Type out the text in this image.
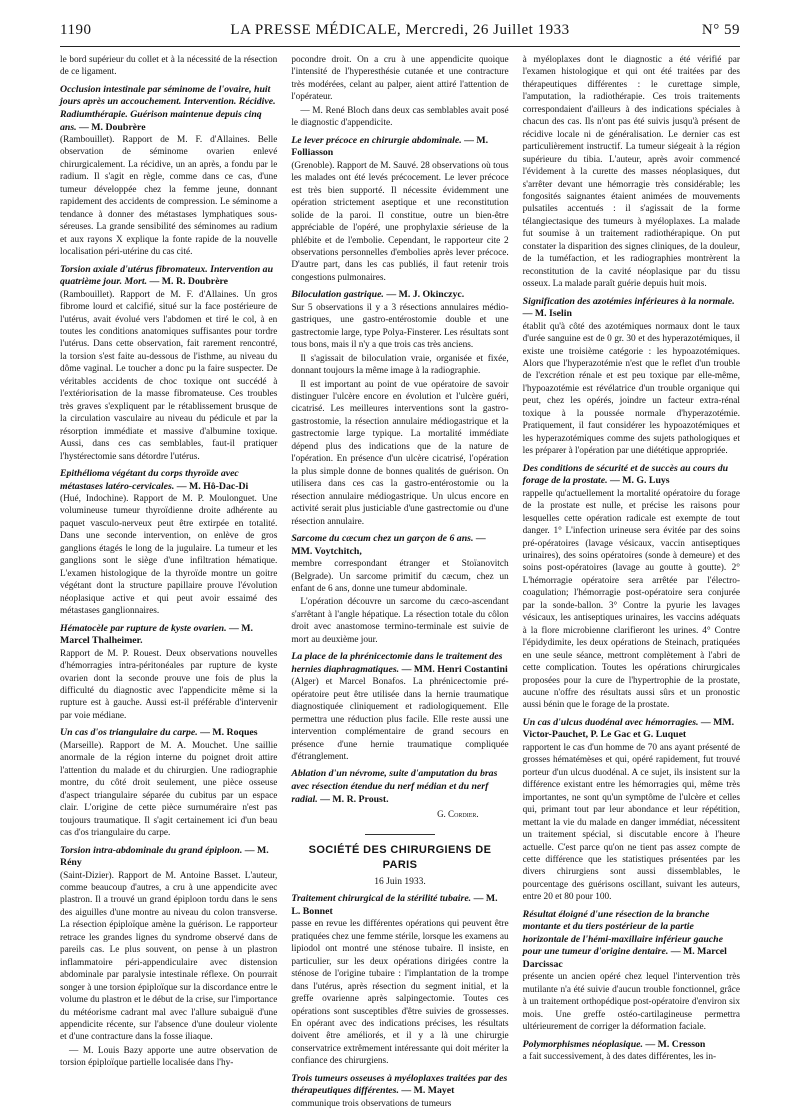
1190	LA PRESSE MÉDICALE, Mercredi, 26 Juillet 1933	N° 59

le bord supérieur du collet et à la nécessité de la résection de ce ligament.

Occlusion intestinale par séminome de l'ovaire, huit jours après un accouchement. Intervention. Récidive. Radiumthérapie. Guérison maintenue depuis cinq ans. — M. Doubrère

(Rambouillet). Rapport de M. F. d'Allaines. Belle observation de séminome ovarien enlevé chirurgicalement. La récidive, un an après, a fondu par le radium. Il s'agit en règle, comme dans ce cas, d'une tumeur développée chez la femme jeune, donnant rapidement des accidents de compression. Le séminome a tendance à donner des métastases lymphatiques sous-séreuses. La grande sensibilité des séminomes au radium et aux rayons X explique la fonte rapide de la nouvelle localisation péri-utérine du cas cité.

Torsion axiale d'utérus fibromateux. Intervention au quatrième jour. Mort. — M. R. Doubrère

(Rambouillet). Rapport de M. F. d'Allaines. Un gros fibrome lourd et calcifié, situé sur la face postérieure de l'utérus, avait évolué vers l'abdomen et tiré le col, à en toutes les conditions anatomiques suffisantes pour tordre l'utérus. Dans cette observation, fait rarement rencontré, la torsion s'est faite au-dessous de l'isthme, au niveau du dôme vaginal. Le toucher a donc pu la faire suspecter. De véritables accidents de choc toxique ont succédé à l'extériorisation de la masse fibromateuse. Ces troubles très graves s'expliquent par le rétablissement brusque de la circulation vasculaire au niveau du pédicule et par la résorption immédiate et massive d'albumine toxique. Aussi, dans ces cas semblables, faut-il pratiquer l'hystérectomie sans détordre l'utérus.

Epithélioma végétant du corps thyroïde avec métastases latéro-cervicales. — M. Hô-Dac-Di

(Hué, Indochine). Rapport de M. P. Moulonguet. Une volumineuse tumeur thyroïdienne droite adhérente au paquet vasculo-nerveux peut être extirpée en totalité. Dans une seconde intervention, on enlève de gros ganglions étagés le long de la jugulaire. La tumeur et les ganglions sont le siège d'une infiltration hématique. L'examen histologique de la thyroïde montre un goitre végétant dont la structure papillaire prouve l'évolution néoplasique active et qui peut avoir essaimé des métastases ganglionnaires.

Hématocèle par rupture de kyste ovarien. — M. Marcel Thalheimer.

Rapport de M. P. Rouest. Deux observations nouvelles d'hémorragies intra-péritonéales par rupture de kyste ovarien dont la seconde prouve une fois de plus la difficulté du diagnostic avec l'appendicite même si la rupture est à gauche. Aussi est-il préférable d'intervenir par voie médiane.

Un cas d'os triangulaire du carpe. — M. Roques

(Marseille). Rapport de M. A. Mouchet. Une saillie anormale de la région interne du poignet droit attire l'attention du malade et du chirurgien. Une radiographie montre, du côté droit seulement, une pièce osseuse d'aspect triangulaire séparée du cubitus par un espace clair. L'origine de cette pièce surnuméraire n'est pas toujours traumatique. Il s'agit certainement ici d'un beau cas d'os triangulaire du carpe.

Torsion intra-abdominale du grand épiploon. — M. Rény

(Saint-Dizier). Rapport de M. Antoine Basset. L'auteur, comme beaucoup d'autres, a cru à une appendicite avec plastron. Il a trouvé un grand épiploon tordu dans le sens des aiguilles d'une montre au niveau du colon transverse. La résection épiploïque amène la guérison. Le rapporteur retrace les grandes lignes du syndrome observé dans de pareils cas. Le plus souvent, on pense à un plastron inflammatoire péri-appendiculaire avec distension abdominale par paralysie intestinale réflexe. On pourrait songer à une torsion épiploïque sur la discordance entre le volume du plastron et le début de la crise, sur l'importance du météorisme cadrant mal avec l'allure subaiguë d'une appendicite récente, sur l'absence d'une douleur violente et d'une contracture dans la fosse iliaque.

— M. Louis Bazy apporte une autre observation de torsion épiploïque partielle localisée dans l'hy-

pocondre droit. On a cru à une appendicite quoique l'intensité de l'hyperesthésie cutanée et une contracture très modérées, celant au palper, aient attiré l'attention de l'opérateur.

— M. René Bloch dans deux cas semblables avait posé le diagnostic d'appendicite.

Le lever précoce en chirurgie abdominale. — M. Folliasson

(Grenoble). Rapport de M. Sauvé. 28 observations où tous les malades ont été levés précocement. Le lever précoce est très bien supporté. Il nécessite évidemment une opération strictement aseptique et une reconstitution solide de la paroi. Il constitue, outre un bien-être appréciable de l'opéré, une prophylaxie sérieuse de la phlébite et de l'embolie. Cependant, le rapporteur cite 2 observations personnelles d'embolies après lever précoce. D'autre part, dans les cas publiés, il faut retenir trois congestions pulmonaires.

Biloculation gastrique. — M. J. Okinczyc.

Sur 5 observations il y a 3 résections annulaires médio-gastriques, une gastro-entérostomie double et une gastrectomie large, type Polya-Finsterer. Les résultats sont tous bons, mais il n'y a que trois cas très anciens.

Il s'agissait de biloculation vraie, organisée et fixée, donnant toujours la même image à la radiographie.

Il est important au point de vue opératoire de savoir distinguer l'ulcère encore en évolution et l'ulcère guéri, cicatrisé. Les meilleures interventions sont la gastro-gastrostomie, la résection annulaire médiogastrique et la gastrectomie large typique. La mortalité immédiate dépend plus des indications que de la nature de l'opération. En présence d'un ulcère cicatrisé, l'opération la plus simple donne de bonnes qualités de guérison. On utilisera dans ces cas la gastro-entérostomie ou la résection annulaire médiogastrique. Un ulcus encore en activité serait plus justiciable d'une gastrectomie ou d'une résection annulaire.

Sarcome du cæcum chez un garçon de 6 ans. — MM. Voytchitch,

membre correspondant étranger et Stoïanovitch (Belgrade). Un sarcome primitif du cæcum, chez un enfant de 6 ans, donne une tumeur abdominale.

L'opération découvre un sarcome du cæco-ascendant s'arrêtant à l'angle hépatique. La résection totale du côlon droit avec anastomose termino-terminale est suivie de mort au deuxième jour.

La place de la phrénicectomie dans le traitement des hernies diaphragmatiques. — MM. Henri Costantini

(Alger) et Marcel Bonafos. La phrénicectomie pré-opératoire peut être utilisée dans la hernie traumatique diagnostiquée cliniquement et radiologiquement. Elle permettra une réduction plus facile. Elle reste aussi une intervention complémentaire de grand secours en présence d'une hernie traumatique compliquée d'étranglement.

Ablation d'un névrome, suite d'amputation du bras avec résection étendue du nerf médian et du nerf radial. — M. R. Proust.
G. Cordier.
SOCIÉTÉ DES CHIRURGIENS DE PARIS
16 Juin 1933.
Traitement chirurgical de la stérilité tubaire. — M. L. Bonnet

passe en revue les différentes opérations qui peuvent être pratiquées chez une femme stérile, lorsque les examens au lipiodol ont montré une sténose tubaire. Il insiste, en particulier, sur les deux opérations dirigées contre la sténose de l'origine tubaire : l'implantation de la trompe dans l'utérus, après résection du segment initial, et la greffe ovarienne après salpingectomie. Toutes ces opérations sont susceptibles d'être suivies de grossesses. En opérant avec des indications précises, les résultats doivent être améliorés, et il y a là une chirurgie conservatrice extrêmement intéressante qui doit mériter la confiance des chirurgiens.

Trois tumeurs osseuses à myéloplaxes traitées par des thérapeutiques différentes. — M. Mayet

communique trois observations de tumeurs

à myéloplaxes dont le diagnostic a été vérifié par l'examen histologique et qui ont été traitées par des thérapeutiques différentes : le curettage simple, l'amputation, la radiothérapie. Ces trois traitements correspondaient d'ailleurs à des indications spéciales à chacun des cas. Ils n'ont pas été suivis jusqu'à présent de récidive locale ni de généralisation. Le dernier cas est particulièrement instructif. La tumeur siégeait à la région supérieure du tibia. L'auteur, après avoir commencé l'évidement à la curette des masses néoplasiques, dut s'arrêter devant une hémorragie très considérable; les fongosités saignantes étaient animées de mouvements pulsatiles accentués : il s'agissait de la forme télangiectasique des tumeurs à myéloplaxes. La malade fut soumise à un traitement radiothérapique. On put constater la disparition des signes cliniques, de la douleur, de la tuméfaction, et les radiographies montrèrent la reconstitution de la cavité néoplasique par du tissu osseux. La malade paraît guérie depuis huit mois.

Signification des azotémies inférieures à la normale. — M. Iselin

établit qu'à côté des azotémiques normaux dont le taux d'urée sanguine est de 0 gr. 30 et des hyperazotémiques, il existe une troisième catégorie : les hypoazotémiques. Alors que l'hyperazotémie n'est que le reflet d'un trouble de l'excrétion rénale et est peu toxique par elle-même, l'hypoazotémie est révélatrice d'un trouble organique qui peut, chez les opérés, joindre un facteur extra-rénal toxique à la poussée normale d'hyperazotémie. Pratiquement, il faut considérer les hypoazotémiques et les hyperazotémiques comme des sujets pathologiques et les préparer à l'opération par une diététique appropriée.

Des conditions de sécurité et de succès au cours du forage de la prostate. — M. G. Luys

rappelle qu'actuellement la mortalité opératoire du forage de la prostate est nulle, et précise les raisons pour lesquelles cette opération radicale est exempte de tout danger. 1° L'infection urineuse sera évitée par des soins pré-opératoires (lavage vésicaux, vaccin antiseptiques urinaires), des soins opératoires (sonde à demeure) et des soins post-opératoires (lavage au goutte à goutte). 2° L'hémorragie opératoire sera arrêtée par l'électro-coagulation; l'hémorragie post-opératoire sera conjurée par la sonde-ballon. 3° Contre la pyurie les lavages vésicaux, les antiseptiques urinaires, les vaccins adéquats à la flore microbienne clarifieront les urines. 4° Contre l'épidydimite, les deux opérations de Steinach, pratiquées en une seule séance, mettront complètement à l'abri de cette complication. Toutes les opérations chirurgicales proposées pour la cure de l'hypertrophie de la prostate, aucune n'offre des résultats aussi sûrs et un pronostic aussi bénin que le forage de la prostate.

Un cas d'ulcus duodénal avec hémorragies. — MM. Victor-Pauchet, P. Le Gac et G. Luquet

rapportent le cas d'un homme de 70 ans ayant présenté de grosses hématémèses et qui, opéré rapidement, fut trouvé porteur d'un ulcus duodénal. A ce sujet, ils insistent sur la différence existant entre les hémorragies qui, même très importantes, ne sont qu'un symptôme de l'ulcère et celles qui, primant tout par leur abondance et leur répétition, mettant la vie du malade en danger immédiat, nécessitent un traitement spécial, si discutable encore à l'heure actuelle. C'est parce qu'on ne tient pas assez compte de cette différence que les statistiques présentées par les divers chirurgiens sont aussi dissemblables, le pourcentage des guérisons oscillant, suivant les auteurs, entre 20 et 80 pour 100.

Résultat éloigné d'une résection de la branche montante et du tiers postérieur de la partie horizontale de l'hémi-maxillaire inférieur gauche pour une tumeur d'origine dentaire. — M. Marcel Darcissac

présente un ancien opéré chez lequel l'intervention très mutilante n'a été suivie d'aucun trouble fonctionnel, grâce à un traitement orthopédique post-opératoire d'environ six mois. Une greffe ostéo-cartilagineuse permettra ultérieurement de corriger la déformation faciale.

Polymorphismes néoplasique. — M. Cresson

a fait successivement, à des dates différentes, les in-
